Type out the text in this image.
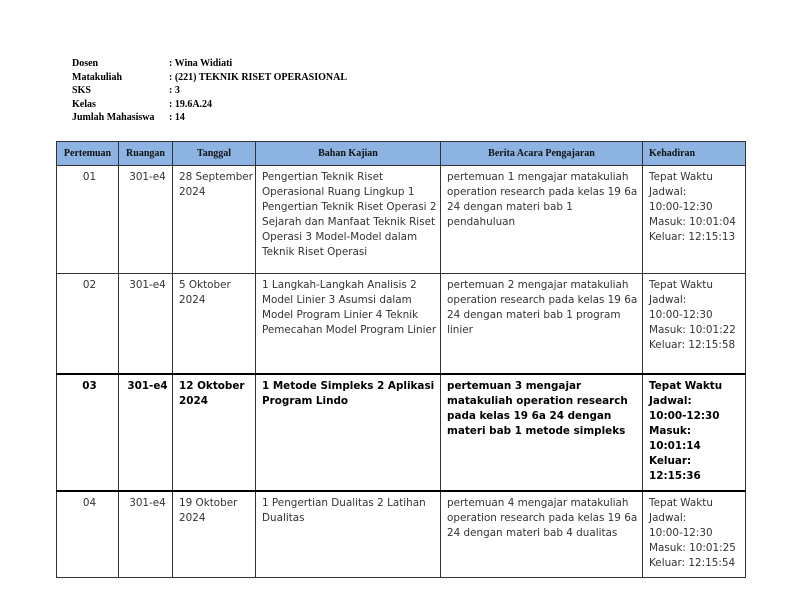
Dosen	: Wina Widiati
Matakuliah	: (221) TEKNIK RISET OPERASIONAL
SKS	: 3
Kelas	: 19.6A.24
Jumlah Mahasiswa	: 14
Pertemuan	Ruangan	Tanggal	Bahan Kajian	Berita Acara Pengajaran	Kehadiran
01	301-e4	28 September 2024	Pengertian Teknik Riset Operasional Ruang Lingkup 1 Pengertian Teknik Riset Operasi 2 Sejarah dan Manfaat Teknik Riset Operasi 3 Model-Model dalam Teknik Riset Operasi	pertemuan 1 mengajar matakuliah operation research pada kelas 19 6a 24 dengan materi bab 1 pendahuluan	Tepat Waktu
Jadwal:
10:00-12:30
Masuk: 10:01:04
Keluar: 12:15:13

02	301-e4	5 Oktober 2024	1 Langkah-Langkah Analisis 2 Model Linier 3 Asumsi dalam Model Program Linier 4 Teknik Pemecahan Model Program Linier	pertemuan 2 mengajar matakuliah operation research pada kelas 19 6a 24 dengan materi bab 1 program linier	Tepat Waktu
Jadwal:
10:00-12:30
Masuk: 10:01:22
Keluar: 12:15:58

03	301-e4	12 Oktober 2024	1 Metode Simpleks 2 Aplikasi Program Lindo	pertemuan 3 mengajar matakuliah operation research pada kelas 19 6a 24 dengan materi bab 1 metode simpleks	Tepat Waktu
Jadwal:
10:00-12:30
Masuk: 10:01:14
Keluar: 12:15:36

04	301-e4	19 Oktober 2024	1 Pengertian Dualitas 2 Latihan Dualitas	pertemuan 4 mengajar matakuliah operation research pada kelas 19 6a 24 dengan materi bab 4 dualitas	Tepat Waktu
Jadwal:
10:00-12:30
Masuk: 10:01:25
Keluar: 12:15:54
